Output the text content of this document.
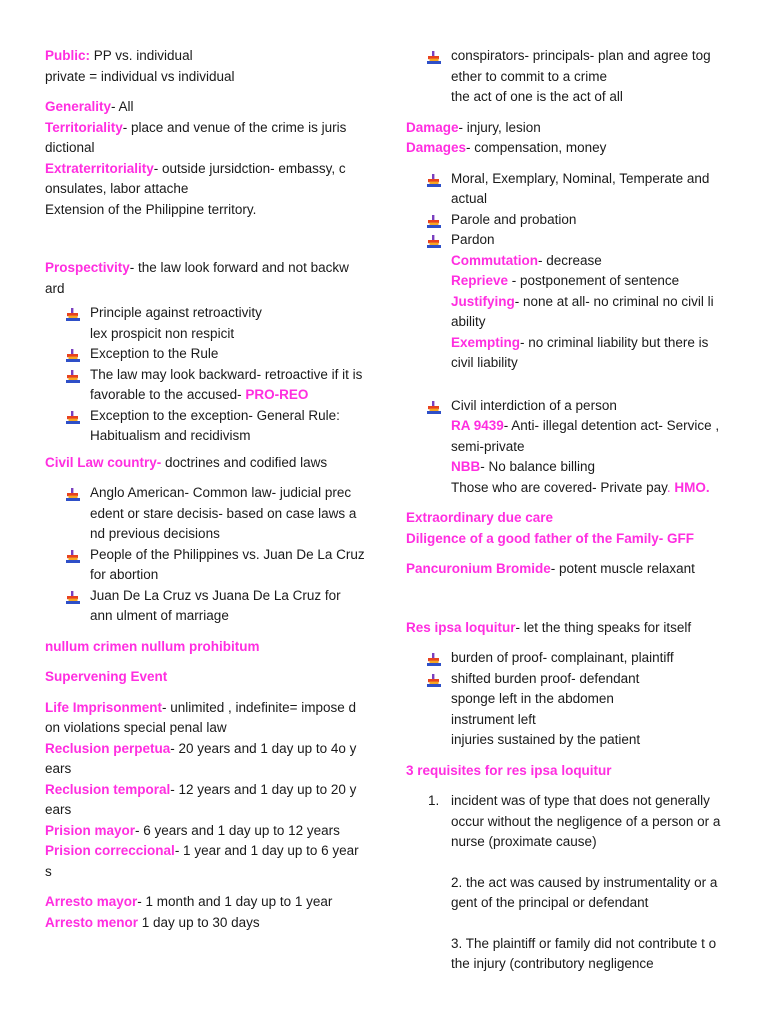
Public: PP vs. individual

private = individual vs individual

Generality- All

Territoriality- place and venue of the crime is juris dictional

Extraterritoriality- outside jursidction- embassy, c onsulates, labor attache

Extension of the Philippine territory.

Prospectivity- the law look forward and not backw ard

Principle against retroactivity
lex prospicit non respicit
Exception to the Rule
The law may look backward- retroactive if it is favorable to the accused- PRO-REO
Exception to the exception- General Rule: Habitualism and recidivism

Civil Law country- doctrines and codified laws

Anglo American- Common law- judicial prec edent or stare decisis- based on case laws a nd previous decisions
People of the Philippines vs. Juan De La Cruz
for abortion
Juan De La Cruz vs Juana De La Cruz for ann ulment of marriage

nullum crimen nullum prohibitum

Supervening Event

Life Imprisonment- unlimited , indefinite= impose d on violations special penal law

Reclusion perpetua- 20 years and 1 day up to 4o y ears

Reclusion temporal- 12 years and 1 day up to 20 y ears

Prision mayor- 6 years and 1 day up to 12 years

Prision correccional- 1 year and 1 day up to 6 year s

Arresto mayor- 1 month and 1 day up to 1 year

Arresto menor 1 day up to 30 days

conspirators- principals- plan and agree tog ether to commit to a crime
the act of one is the act of all

Damage- injury, lesion

Damages- compensation, money

Moral, Exemplary, Nominal, Temperate and actual
Parole and probation
Pardon

Commutation- decrease

Reprieve - postponement of sentence

Justifying- none at all- no criminal no civil li ability

Exempting- no criminal liability but there is civil liability

Civil interdiction of a person

RA 9439- Anti- illegal detention act- Service , semi-private

NBB- No balance billing

Those who are covered- Private pay. HMO.

Extraordinary due care

Diligence of a good father of the Family- GFF

Pancuronium Bromide- potent muscle relaxant

Res ipsa loquitur- let the thing speaks for itself

burden of proof- complainant, plaintiff
shifted burden proof- defendant

sponge left in the abdomen

instrument left

injuries sustained by the patient

3 requisites for res ipsa loquitur

1. incident was of type that does not generally occur without the negligence of a person or a nurse (proximate cause)

2. the act was caused by instrumentality or a gent of the principal or defendant

3. The plaintiff or family did not contribute t o the injury (contributory negligence
